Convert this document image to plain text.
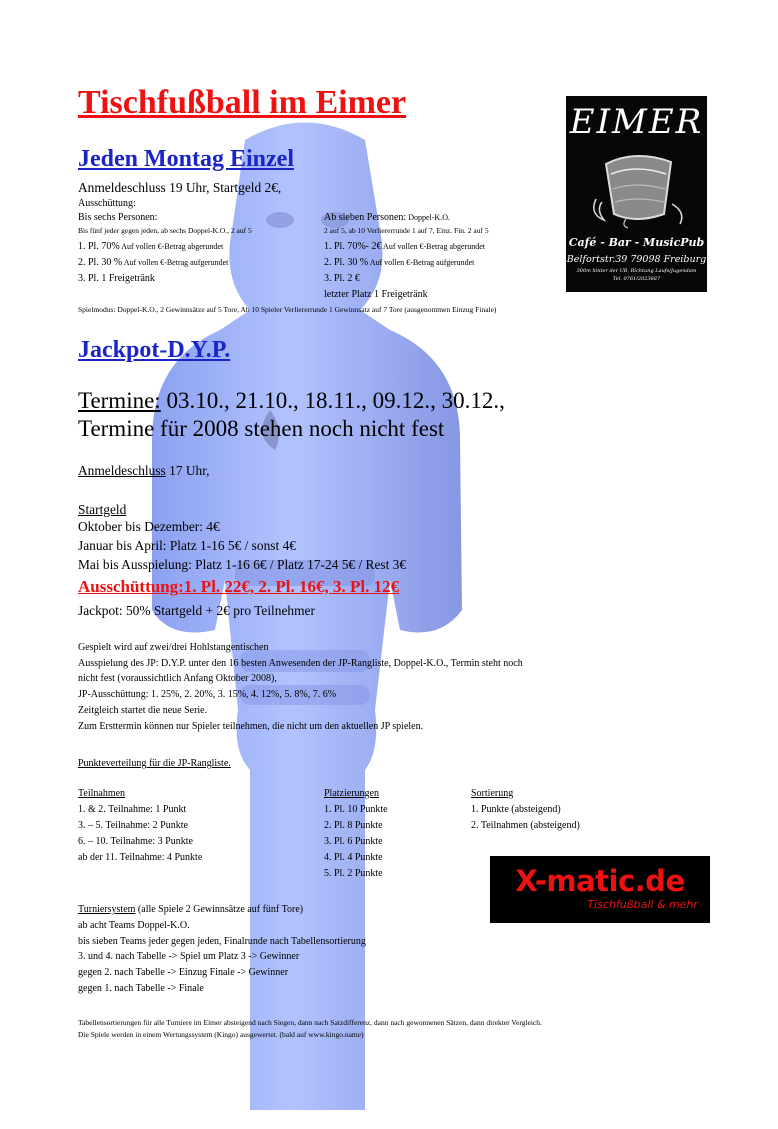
Tischfußball im Eimer
Jeden Montag Einzel
Anmeldeschluss 19 Uhr, Startgeld 2€,
Ausschüttung:
Bis sechs Personen:
Bis fünf jeder gegen jeden, ab sechs Doppel-K.O., 2 auf 5
1. Pl. 70% Auf vollen €-Betrag abgerundet
2. Pl. 30 % Auf vollen €-Betrag aufgerundet
3. Pl. 1 Freigetränk
Ab sieben Personen: Doppel-K.O.
2 auf 5, ab 10 Verliererrunde 1 auf 7, Einz. Fin. 2 auf 5
1. Pl. 70%- 2€ Auf vollen €-Betrag abgerundet
2. Pl. 30 % Auf vollen €-Betrag aufgerundet
3. Pl. 2 €
letzter Platz 1 Freigetränk
Spielmodus: Doppel-K.O., 2 Gewinnsätze auf 5 Tore, Ab 10 Spieler Verliererrunde 1 Gewinnsatz auf 7 Tore (ausgenommen Einzug Finale)
Jackpot-D.Y.P.
Termine: 03.10., 21.10., 18.11., 09.12., 30.12.,
Termine für 2008 stehen noch nicht fest
Anmeldeschluss 17 Uhr,
Startgeld
Oktober bis Dezember: 4€
Januar bis April: Platz 1-16 5€ / sonst 4€
Mai bis Ausspielung: Platz 1-16 6€ / Platz 17-24 5€ / Rest 3€
Ausschüttung:1. Pl. 22€, 2. Pl. 16€, 3. Pl. 12€
Jackpot: 50% Startgeld + 2€ pro Teilnehmer
Gespielt wird auf zwei/drei Hohlstangentischen
Ausspielung des JP: D.Y.P. unter den 16 besten Anwesenden der JP-Rangliste, Doppel-K.O., Termin steht noch
nicht fest (voraussichtlich Anfang Oktober 2008),
JP-Ausschüttung: 1. 25%, 2. 20%, 3. 15%, 4. 12%, 5. 8%, 7. 6%
Zeitgleich startet die neue Serie.
Zum Ersttermin können nur Spieler teilnehmen, die nicht um den aktuellen JP spielen.
Punkteverteilung für die JP-Rangliste.
Teilnahmen
1. & 2. Teilnahme: 1 Punkt
3. – 5. Teilnahme: 2 Punkte
6. – 10. Teilnahme: 3 Punkte
ab der 11. Teilnahme: 4 Punkte
Platzierungen
1. Pl. 10 Punkte
2. Pl. 8 Punkte
3. Pl. 6 Punkte
4. Pl. 4 Punkte
5. Pl. 2 Punkte
Sortierung
1. Punkte (absteigend)
2. Teilnahmen (absteigend)
Turniersystem (alle Spiele 2 Gewinnsätze auf fünf Tore)
ab acht Teams Doppel-K.O.
bis sieben Teams jeder gegen jeden, Finalrunde nach Tabellensortierung
3. und 4. nach Tabelle -> Spiel um Platz 3 -> Gewinner
gegen 2. nach Tabelle -> Einzug Finale -> Gewinner
gegen 1. nach Tabelle -> Finale
Tabellensortierungen für alle Turniere im Eimer absteigend nach Siegen, dann nach Satzdifferenz, dann nach gewonnenen Sätzen, dann direkter Vergleich.
Die Spiele werden in einem Wertungssystem (Kingo) ausgewertet. (bald auf www.kingo.name)
EIMER
Café - Bar - MusicPub
Belfortstr.39 79098 Freiburg
300m hinter der UB, Richtung Laufs/Jugendam
Tel. 0761/2023687
X-matic.de
Tischfußball & mehr
